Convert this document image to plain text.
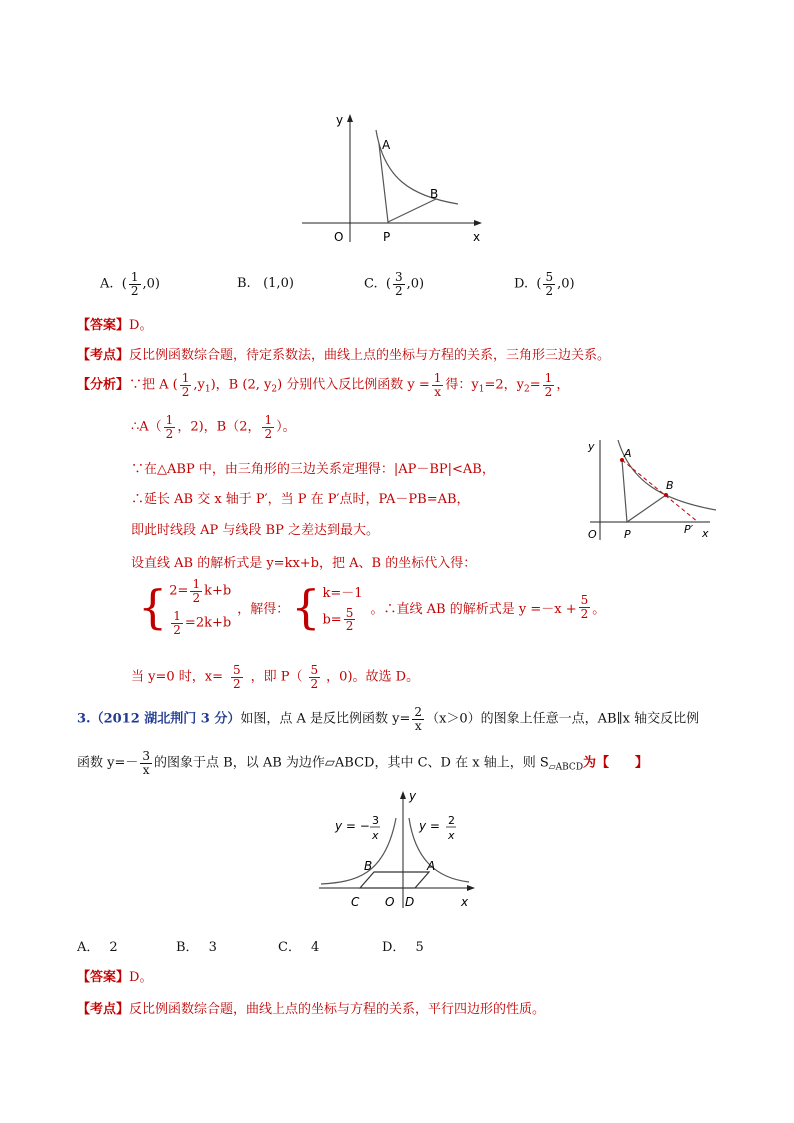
y
x
O
A
B
P
A. ( $\frac{1}{2} ,0$)	B. (1,0)	C. ( $\frac{3}{2} ,0$)	D. ( $\frac{5}{2} ,0$)
【答案】D。
【考点】反比例函数综合题，待定系数法，曲线上点的坐标与方程的关系，三角形三边关系。
【分析】∵把 A ( $\frac{1}{2} ,y_1$)，B (2, $y_2$) 分别代入反比例函数 $y = \frac{1}{x}$ 得：$y_1=2$，$y_2= \frac{1}{2}$ ，
∴A（ $\frac{1}{2}$ ，2)，B（2， $\frac{1}{2}$ ）。
∵在△ABP 中，由三角形的三边关系定理得：|AP－BP|<AB，
∴延长 AB 交 x 轴于 P′，当 P 在 P′点时，PA－PB=AB，
即此时线段 AP 与线段 BP 之差达到最大。
设直线 AB 的解析式是 y=kx+b，把 A、B 的坐标代入得：
{ $2= \frac{1}{2} k+b$
$\frac{1}{2} =2k+b$
，解得： { k=－1
$b= \frac{5}{2}$ 。∴直线 AB 的解析式是 $y =-x + \frac{5}{2}$ 。
当 y=0 时，$x= \frac{5}{2}$ ，即 $P( \frac{5}{2}$ ，0)。故选 D。
y
O
A
B
P	P′ x
3.（2012 湖北荆门 3 分）如图，点 A 是反比例函数 $y= \frac{2}{x} (x>0)$的图象上任意一点，AB∥x 轴交反比例
函数 $y=- \frac{3}{x}$ 的图象于点 B，以 AB 为边作▱ABCD，其中 C、D 在 x 轴上，则 $S_{▱ABCD}$为【　　】
y = − 3
x
y = 2
x
y
B	A
C O D	x
A． 2	B． 3	C． 4	D． 5
【答案】D。
【考点】反比例函数综合题，曲线上点的坐标与方程的关系，平行四边形的性质。
